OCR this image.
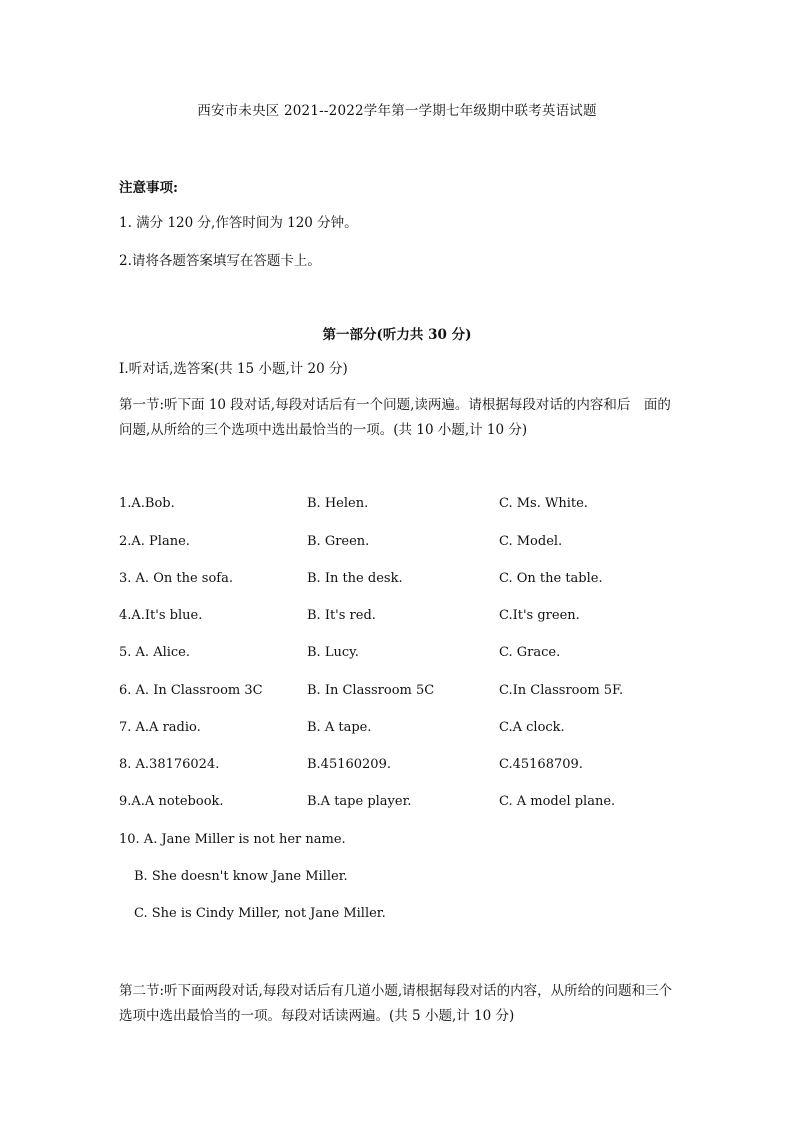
西安市未央区 2021--2022学年第一学期七年级期中联考英语试题
注意事项:
1. 满分 120 分,作答时间为 120 分钟。
2.请将各题答案填写在答题卡上。
第一部分(听力共 30 分)
I.听对话,选答案(共 15 小题,计 20 分)
第一节:听下面 10 段对话,每段对话后有一个问题,读两遍。请根据每段对话的内容和后　面的问题,从所给的三个选项中选出最恰当的一项。(共 10 小题,计 10 分)
1.A.Bob.	B. Helen.	C. Ms. White.
2.A. Plane.	B. Green.	C. Model.
3. A. On the sofa.	B. In the desk.	C. On the table.
4.A.It's blue.	B. It's red.	C.It's green.
5. A. Alice.	B. Lucy.	C. Grace.
6. A. In Classroom 3C	B. In Classroom 5C	C.In Classroom 5F.
7. A.A radio.	B. A tape.	C.A clock.
8. A.38176024.	B.45160209.	C.45168709.
9.A.A notebook.	B.A tape player.	C. A model plane.
10. A. Jane Miller is not her name.
B. She doesn't know Jane Miller.
C. She is Cindy Miller, not Jane Miller.
第二节:听下面两段对话,每段对话后有几道小题,请根据每段对话的内容，从所给的问题和三个选项中选出最恰当的一项。每段对话读两遍。(共 5 小题,计 10 分)
